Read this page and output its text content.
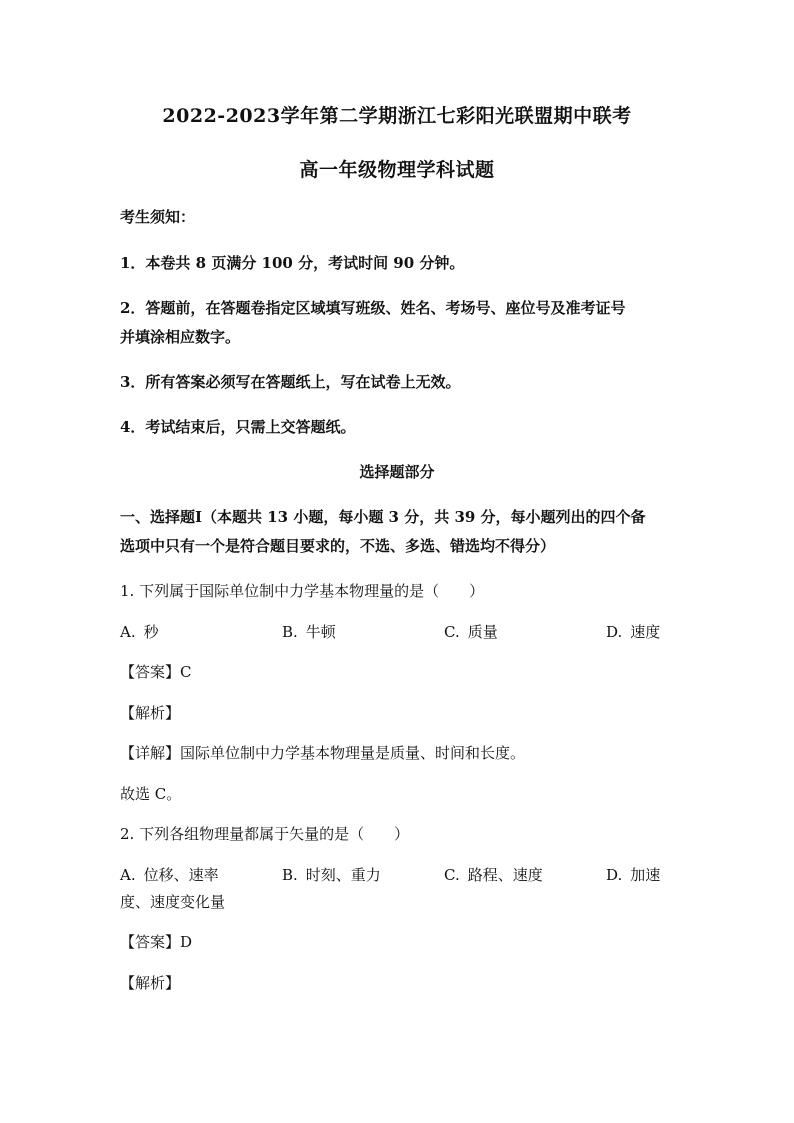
2022-2023学年第二学期浙江七彩阳光联盟期中联考
高一年级物理学科试题
考生须知：
1．本卷共 8 页满分 100 分，考试时间 90 分钟。
2．答题前，在答题卷指定区域填写班级、姓名、考场号、座位号及准考证号
并填涂相应数字。
3．所有答案必须写在答题纸上，写在试卷上无效。
4．考试结束后，只需上交答题纸。
选择题部分
一、选择题Ⅰ（本题共 13 小题，每小题 3 分，共 39 分，每小题列出的四个备
选项中只有一个是符合题目要求的，不选、多选、错选均不得分）
1. 下列属于国际单位制中力学基本物理量的是（　　）
A. 秒	B. 牛顿	C. 质量	D. 速度
【答案】C
【解析】
【详解】国际单位制中力学基本物理量是质量、时间和长度。
故选 C。
2. 下列各组物理量都属于矢量的是（　　）
A. 位移、速率	B. 时刻、重力	C. 路程、速度	D. 加速
度、速度变化量
【答案】D
【解析】
